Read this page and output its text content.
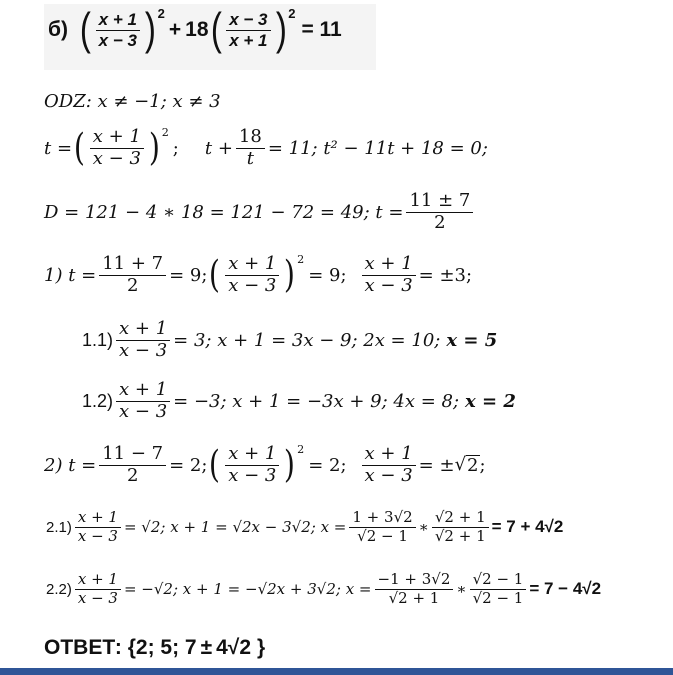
б) ( $\frac{x + 1}{x - 3}$ ) 2
+ 18 ( $\frac{x - 3}{x + 1}$ ) 2
= 11
ODZ: x ≠ −1; x ≠ 3
t = ( $\frac{x + 1}{x - 3}$ ) 2
; $t + \frac{18}{t} = 11$; t² − 11t + 18 = 0;
D = 121 − 4 ∗ 18 = 121 − 72 = 49; $t = \frac{11 \pm 7}{2}$
1) $t = \frac{11 + 7}{2} = 9$; ( $\frac{x + 1}{x - 3}$ ) 2
= 9; $\frac{x + 1}{x - 3} = \pm 3$;
$1.1) \frac{x + 1}{x - 3} = 3$; x + 1 = 3x − 9; 2x = 10; x = 5
$1.2) \frac{x + 1}{x - 3} = -3$; x + 1 = −3x + 9; 4x = 8; x = 2
2) $t = \frac{11 - 7}{2} = 2$; ( $\frac{x + 1}{x - 3}$ ) 2
= 2; $\frac{x + 1}{x - 3}$ = ± √ 2 ;
$2.1) \frac{x + 1}{x - 3} = √2$; x + 1 = √2x − 3√2; $x = \frac{1 + 3√2}{√2 - 1}$ ∗ $\frac{√2 + 1}{√2 + 1} = 7 + 4√2$
$2.2) \frac{x + 1}{x - 3} = -√2$; x + 1 = −√2x + 3√2; $x = \frac{-1 + 3√2}{√2 + 1}$ ∗ $\frac{√2 - 1}{√2 - 1} = 7 - 4√2$
ОТВЕТ: {2; 5; 7 ± 4√2 }
